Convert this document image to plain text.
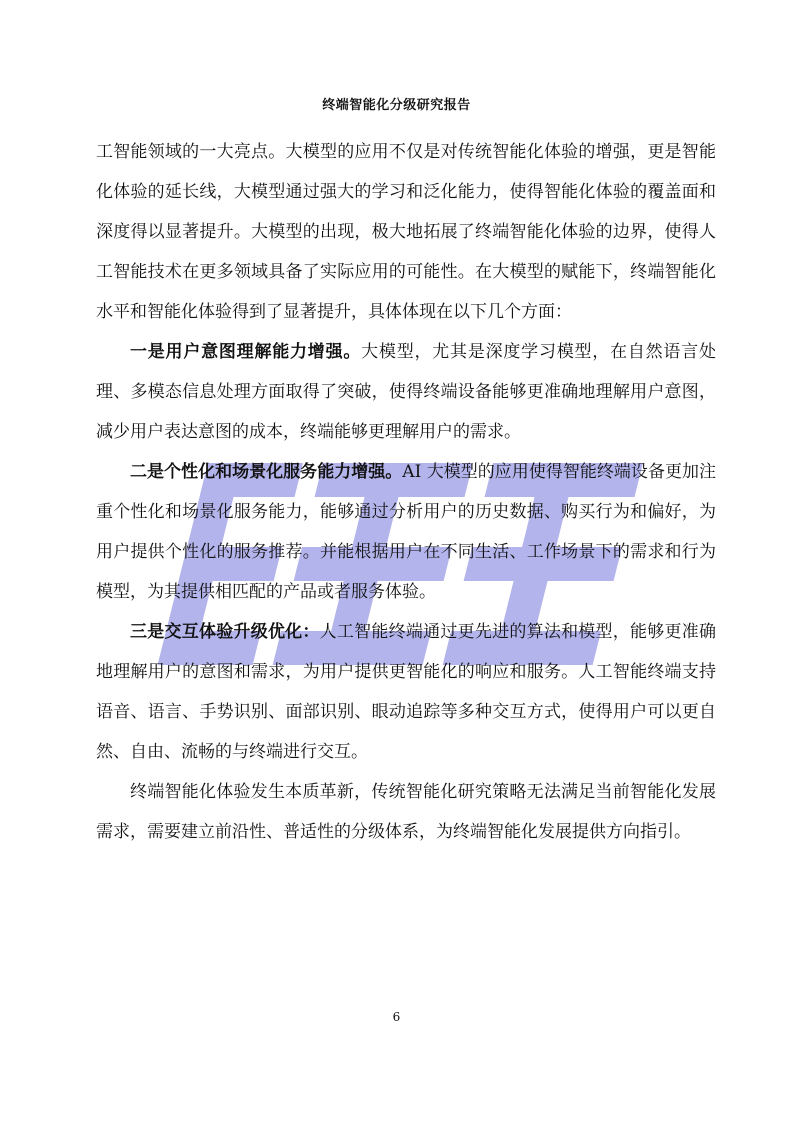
终端智能化分级研究报告

工智能领域的一大亮点。大模型的应用不仅是对传统智能化体验的增强，更是智能化体验的延长线，大模型通过强大的学习和泛化能力，使得智能化体验的覆盖面和深度得以显著提升。大模型的出现，极大地拓展了终端智能化体验的边界，使得人工智能技术在更多领域具备了实际应用的可能性。在大模型的赋能下，终端智能化水平和智能化体验得到了显著提升，具体体现在以下几个方面：

一是用户意图理解能力增强。大模型，尤其是深度学习模型，在自然语言处理、多模态信息处理方面取得了突破，使得终端设备能够更准确地理解用户意图，减少用户表达意图的成本，终端能够更理解用户的需求。

二是个性化和场景化服务能力增强。AI 大模型的应用使得智能终端设备更加注重个性化和场景化服务能力，能够通过分析用户的历史数据、购买行为和偏好，为用户提供个性化的服务推荐。并能根据用户在不同生活、工作场景下的需求和行为模型，为其提供相匹配的产品或者服务体验。

三是交互体验升级优化：人工智能终端通过更先进的算法和模型，能够更准确地理解用户的意图和需求，为用户提供更智能化的响应和服务。人工智能终端支持语音、语言、手势识别、面部识别、眼动追踪等多种交互方式，使得用户可以更自然、自由、流畅的与终端进行交互。

终端智能化体验发生本质革新，传统智能化研究策略无法满足当前智能化发展需求，需要建立前沿性、普适性的分级体系，为终端智能化发展提供方向指引。

6
